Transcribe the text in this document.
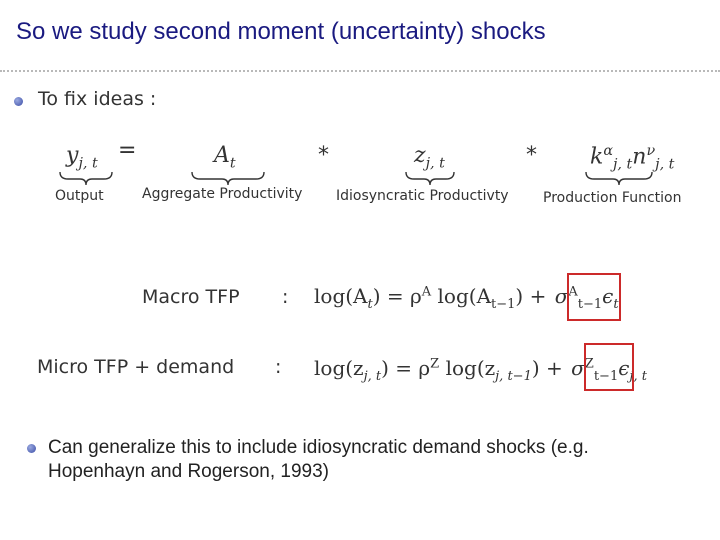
So we study second moment (uncertainty) shocks
To fix ideas :
$y_{j, t}$
=	$A_t$	*	$z_{j, t}$	* $k^\alpha_{j, t}n^\nu_{j, t}$
Output	Aggregate Productivity Idiosyncratic Productivty Production Function
Macro TFP : $\log(A_t) = \rho^A$ $\log(A_{t-1}) + \sigma^A_{t-1}\epsilon_t$
Micro TFP + demand : $\log(z_{j, t}) = \rho^Z$ $\log(z_{j, t-1}) + \sigma^Z_{t-1}\epsilon_{j, t}$
Can generalize this to include idiosyncratic demand shocks (e.g. Hopenhayn and Rogerson, 1993)
